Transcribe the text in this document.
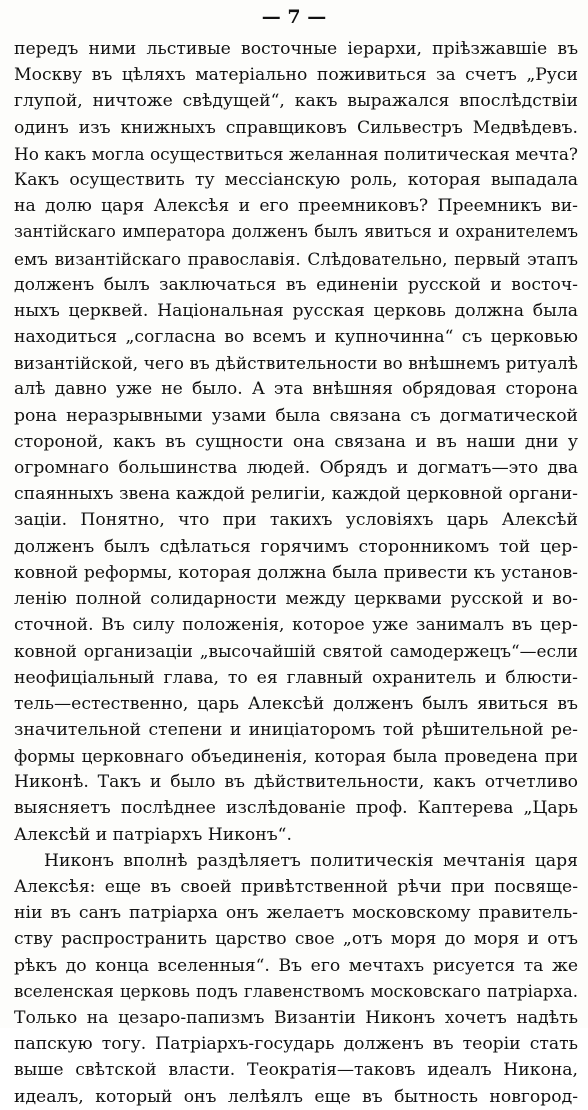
— 7 —
передъ ними льстивые восточные iерархи, прiѣзжавшiе въ
Москву въ цѣляхъ матерiально поживиться за счетъ „Руси
глупой, ничтоже свѣдущей“, какъ выражался впослѣдствiи
одинъ изъ книжныхъ справщиковъ Сильвестръ Медвѣдевъ.
Но какъ могла осуществиться желанная политическая мечта?
Какъ осуществить ту мессiанскую роль, которая выпадала
на долю царя Алексѣя и его преемниковъ? Преемникъ ви-
зантiйскаго императора долженъ былъ явиться и охранителемъ
емъ византiйскаго православiя. Слѣдовательно, первый этапъ
долженъ былъ заключаться въ единенiи русской и восточ-
ныхъ церквей. Нацiональная русская церковь должна была
находиться „согласна во всемъ и купночинна“ съ церковью
византiйской, чего въ дѣйствительности во внѣшнемъ ритуалѣ
алѣ давно уже не было. А эта внѣшняя обрядовая сторона
рона неразрывными узами была связана съ догматической
стороной, какъ въ сущности она связана и въ наши дни у
огромнаго большинства людей. Обрядъ и догматъ—это два
спаянныхъ звена каждой религiи, каждой церковной органи-
зацiи. Понятно, что при такихъ условiяхъ царь Алексѣй
долженъ былъ сдѣлаться горячимъ сторонникомъ той цер-
ковной реформы, которая должна была привести къ установ-
ленiю полной солидарности между церквами русской и во-
сточной. Въ силу положенiя, которое уже занималъ въ цер-
ковной организацiи „высочайшiй святой самодержецъ“—если
неофицiальный глава, то ея главный охранитель и блюсти-
тель—естественно, царь Алексѣй долженъ былъ явиться въ
значительной степени и иницiаторомъ той рѣшительной ре-
формы церковнаго объединенiя, которая была проведена при
Никонѣ. Такъ и было въ дѣйствительности, какъ отчетливо
выясняетъ послѣднее изслѣдованiе проф. Каптерева „Царь
Алексѣй и патрiархъ Никонъ“.
Никонъ вполнѣ раздѣляетъ политическiя мечтанiя царя
Алексѣя: еще въ своей привѣтственной рѣчи при посвяще-
нiи въ санъ патрiарха онъ желаетъ московскому правитель-
ству распространить царство свое „отъ моря до моря и отъ
рѣкъ до конца вселенныя“. Въ его мечтахъ рисуется та же
вселенская церковь подъ главенствомъ московскаго патрiарха.
Только на цезаро-папизмъ Византiи Никонъ хочетъ надѣть
папскую тогу. Патрiархъ-государь долженъ въ теорiи стать
выше свѣтской власти. Теократiя—таковъ идеалъ Никона,
идеалъ, который онъ лелѣялъ еще въ бытность новгород-
